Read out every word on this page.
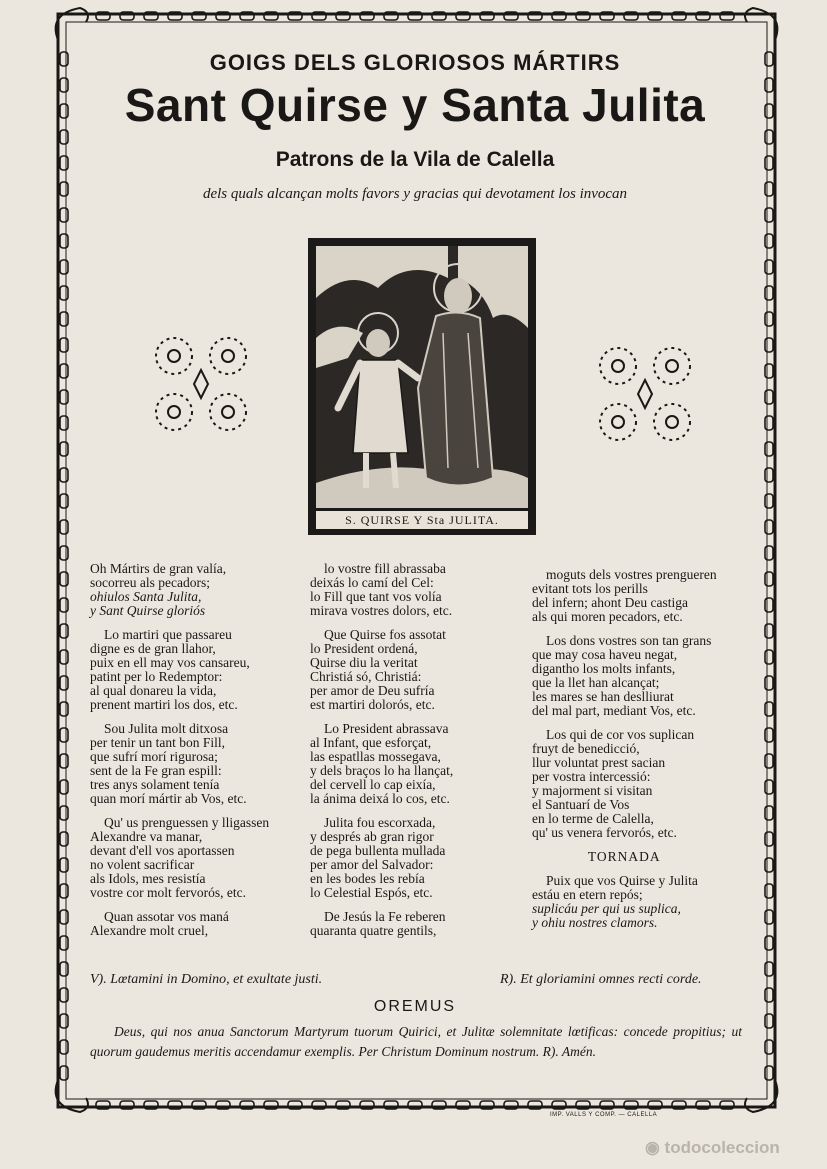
GOIGS DELS GLORIOSOS MÁRTIRS
Sant Quirse y Santa Julita
Patrons de la Vila de Calella
dels quals alcançan molts favors y gracias qui devotament los invocan
S. QUIRSE Y Sta JULITA.
Oh Mártirs de gran valía,
socorreu als pecadors;
ohiulos Santa Julita,
y Sant Quirse gloriós
Lo martiri que passareu
digne es de gran llahor,
puix en ell may vos cansareu,
patint per lo Redemptor:
al qual donareu la vida,
prenent martiri los dos, etc.
Sou Julita molt ditxosa
per tenir un tant bon Fill,
que sufrí morí rigurosa;
sent de la Fe gran espill:
tres anys solament tenía
quan morí mártir ab Vos, etc.
Qu' us prenguessen y lligassen
Alexandre va manar,
devant d'ell vos aportassen
no volent sacrificar
als Idols, mes resistía
vostre cor molt fervorós, etc.
Quan assotar vos maná
Alexandre molt cruel,
lo vostre fill abrassaba
deixás lo camí del Cel:
lo Fill que tant vos volía
mirava vostres dolors, etc.
Que Quirse fos assotat
lo President ordená,
Quirse diu la veritat
Christiá só, Christiá:
per amor de Deu sufría
est martiri dolorós, etc.
Lo President abrassava
al Infant, que esforçat,
las espatllas mossegava,
y dels braços lo ha llançat,
del cervell lo cap eixía,
la ánima deixá lo cos, etc.
Julita fou escorxada,
y després ab gran rigor
de pega bullenta mullada
per amor del Salvador:
en les bodes les rebía
lo Celestial Espós, etc.
De Jesús la Fe reberen
quaranta quatre gentils,
moguts dels vostres prengueren
evitant tots los perills
del infern; ahont Deu castiga
als qui moren pecadors, etc.
Los dons vostres son tan grans
que may cosa haveu negat,
digantho los molts infants,
que la llet han alcançat;
les mares se han deslliurat
del mal part, mediant Vos, etc.
Los qui de cor vos suplican
fruyt de benedicció,
llur voluntat prest sacian
per vostra intercessió:
y majorment si visitan
el Santuarí de Vos
en lo terme de Calella,
qu' us venera fervorós, etc.
TORNADA
Puix que vos Quirse y Julita
estáu en etern repós;
suplicáu per qui us suplica,
y ohiu nostres clamors.
V). Lœtamini in Domino, et exultate justi.	R). Et gloriamini omnes recti corde.
OREMUS
Deus, qui nos anua Sanctorum Martyrum tuorum Quirici, et Julitæ solemnitate lœtificas: concede propitius; ut quorum gaudemus meritis accendamur exemplis. Per Christum Dominum nostrum. R). Amén.
IMP. VALLS Y COMP. — CALELLA
◉ todocoleccion
